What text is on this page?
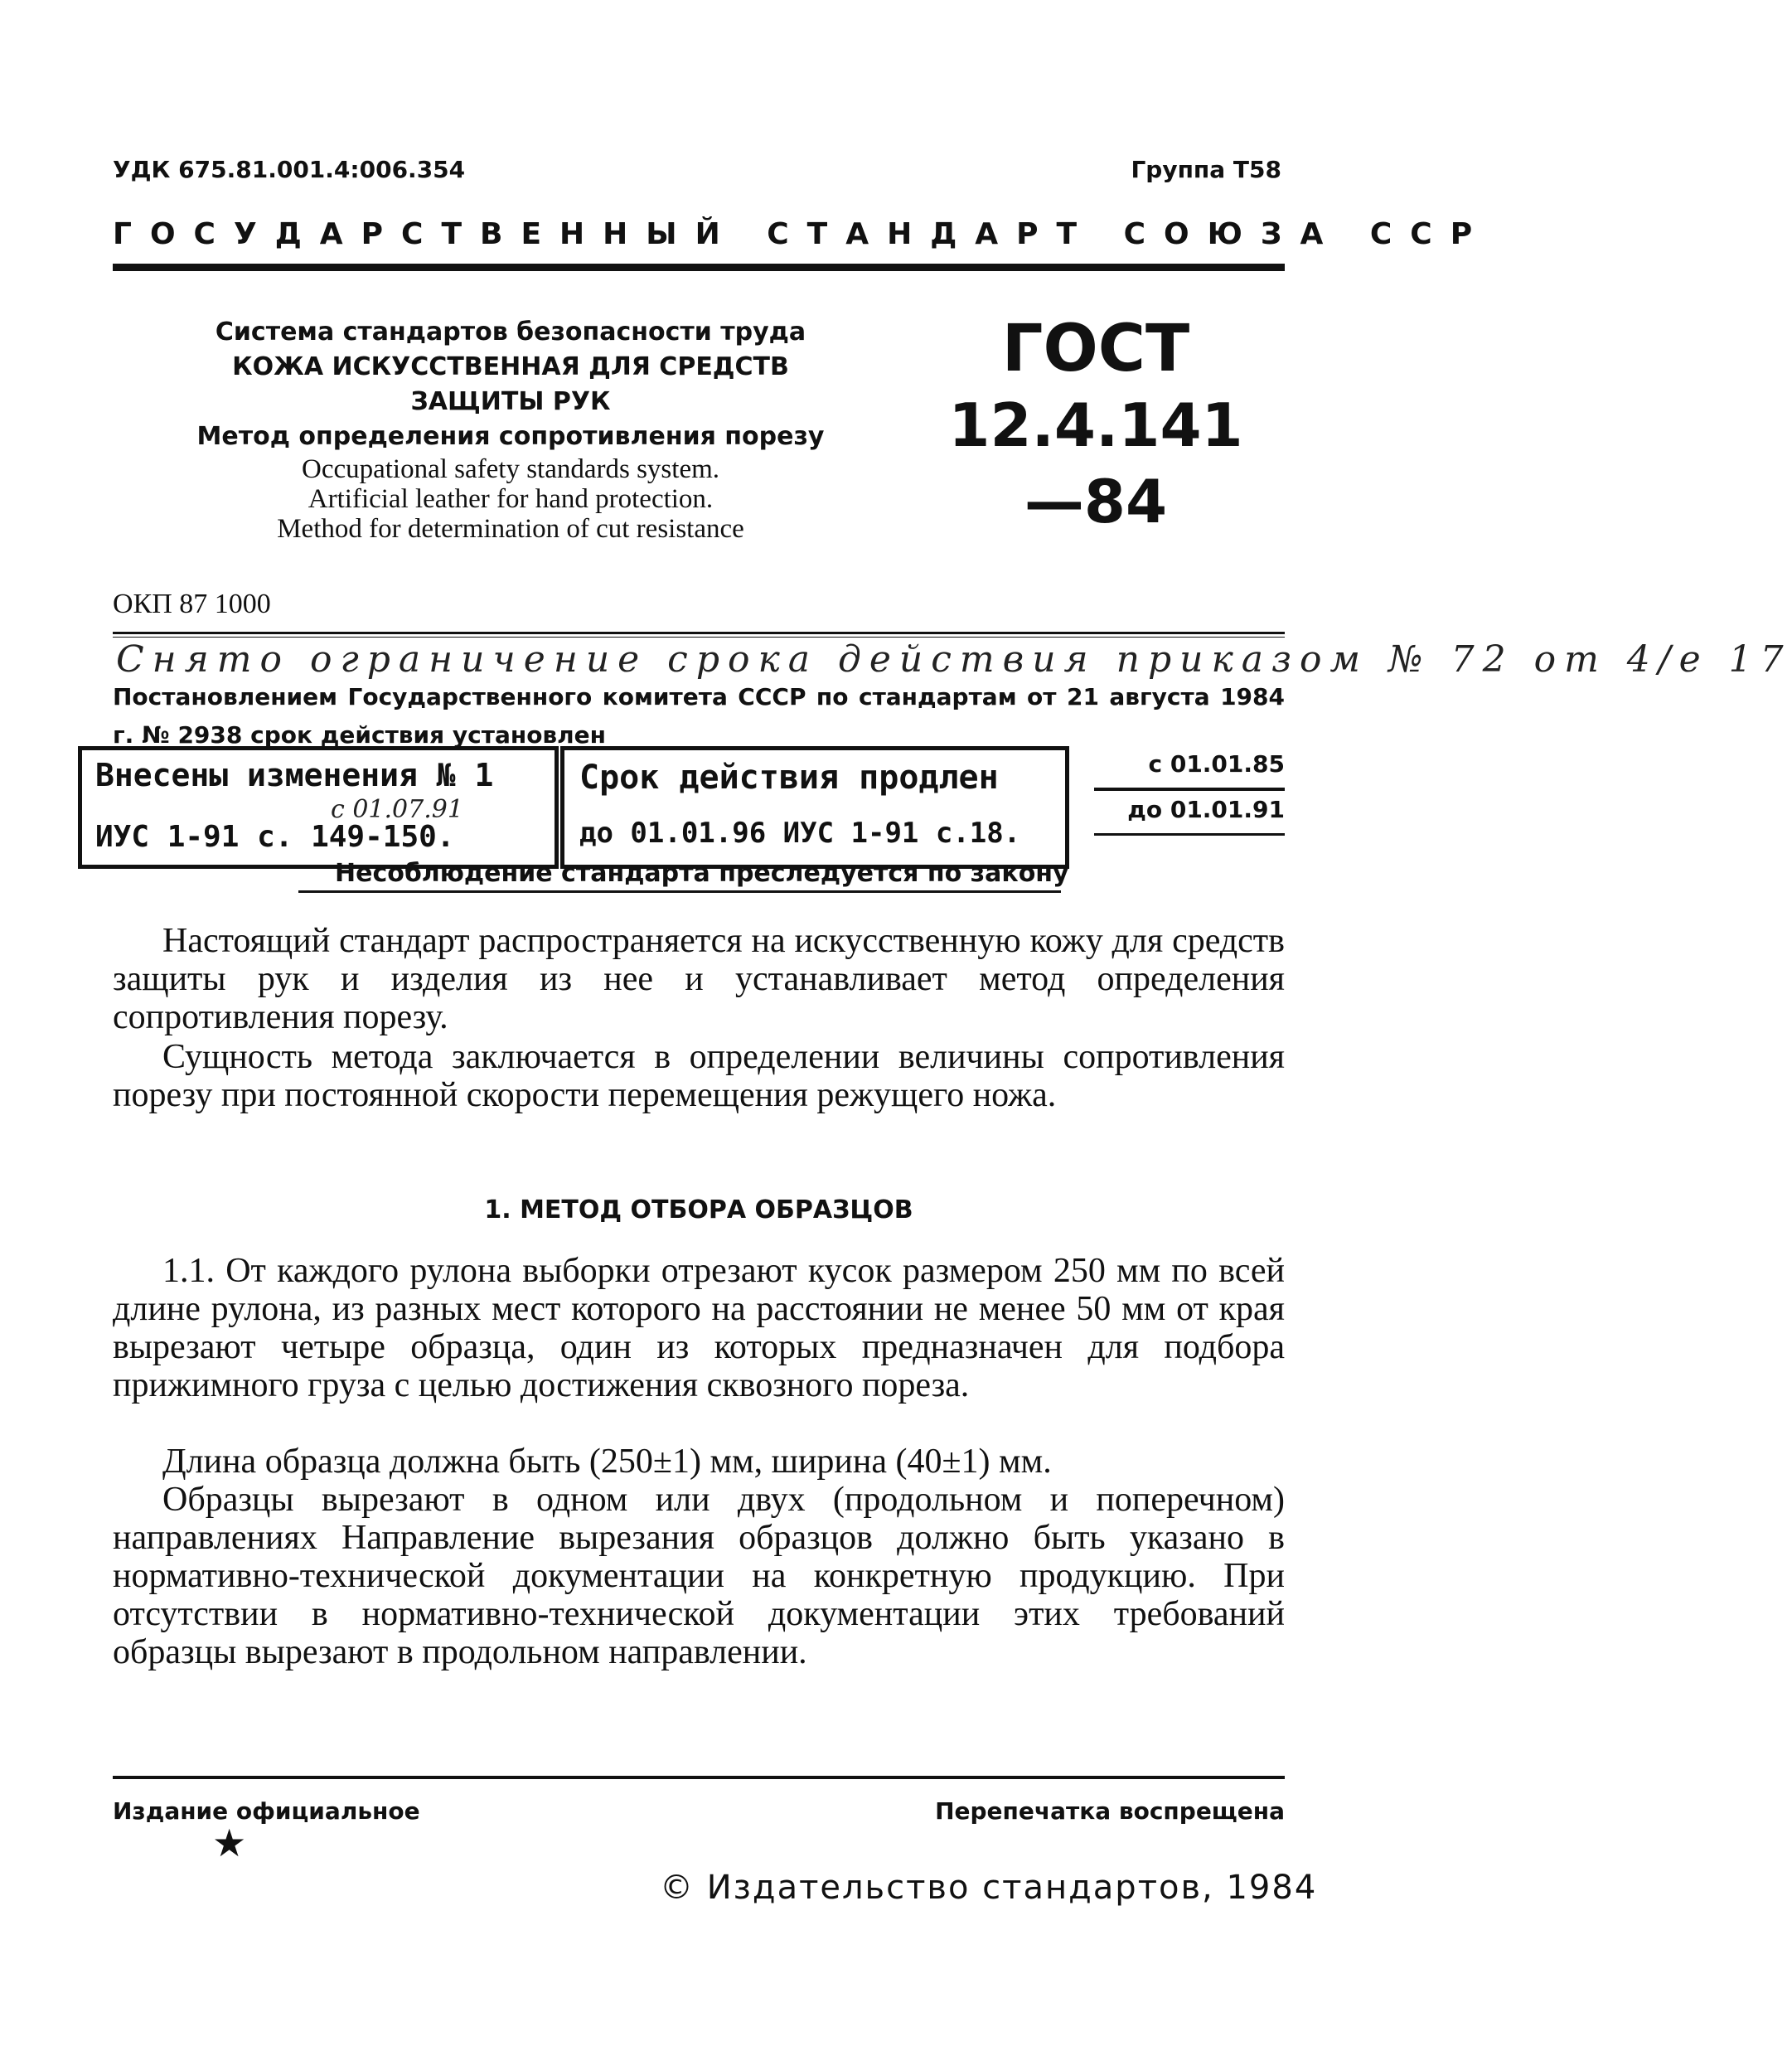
УДК 675.81.001.4:006.354	Группа Т58
ГОСУДАРСТВЕННЫЙ СТАНДАРТ СОЮЗА ССР
Система стандартов безопасности труда
КОЖА ИСКУССТВЕННАЯ ДЛЯ СРЕДСТВ
ЗАЩИТЫ РУК
Метод определения сопротивления порезу
Occupational safety standards system.
Artificial leather for hand protection.
Method for determination of cut resistance
ГОСТ
12.4.141—84
ОКП 87 1000
Снято ограничение срока действия приказом № 72 от 4/е 17
Постановлением Государственного комитета СССР по стандартам от 21 августа 1984 г. № 2938 срок действия установлен
Внесены изменения № 1
с 01.07.91
ИУС 1-91 с. 149-150.
Срок действия продлен
до 01.01.96 ИУС 1-91 с.18.
с 01.01.85
до 01.01.91
Несоблюдение стандарта преследуется по закону
Настоящий стандарт распространяется на искусственную кожу для средств защиты рук и изделия из нее и устанавливает метод определения сопротивления порезу.
Сущность метода заключается в определении величины сопротивления порезу при постоянной скорости перемещения режущего ножа.
1. МЕТОД ОТБОРА ОБРАЗЦОВ
1.1. От каждого рулона выборки отрезают кусок размером 250 мм по всей длине рулона, из разных мест которого на расстоянии не менее 50 мм от края вырезают четыре образца, один из которых предназначен для подбора прижимного груза с целью достижения сквозного пореза.
Длина образца должна быть (250±1) мм, ширина (40±1) мм.
Образцы вырезают в одном или двух (продольном и поперечном) направлениях Направление вырезания образцов должно быть указано в нормативно-технической документации на конкретную продукцию. При отсутствии в нормативно-технической документации этих требований образцы вырезают в продольном направлении.
Издание официальное	Перепечатка воспрещена
★
© Издательство стандартов, 1984
